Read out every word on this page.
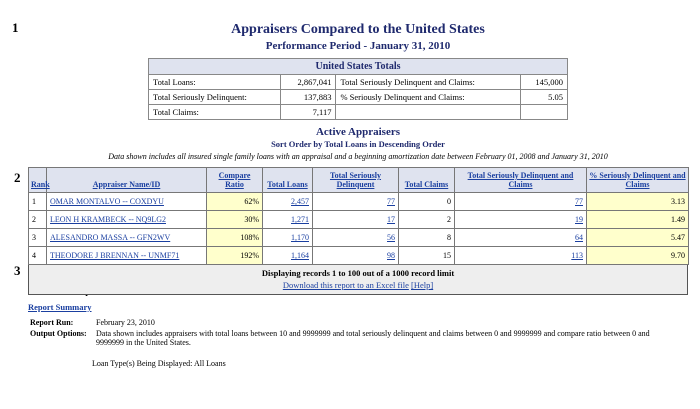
1
2
3
Appraisers Compared to the United States
Performance Period - January 31, 2010
United States Totals			
Total Loans:	2,867,041	Total Seriously Delinquent and Claims:	145,000
Total Seriously Delinquent:	137,883	% Seriously Delinquent and Claims:	5.05
Total Claims:	7,117		
Active Appraisers
Sort Order by Total Loans in Descending Order
Data shown includes all insured single family loans with an appraisal and a beginning amortization date between February 01, 2008 and January 31, 2010
Rank	Appraiser Name/ID	Compare Ratio	Total Loans	Total Seriously Delinquent	Total Claims	Total Seriously Delinquent and Claims	% Seriously Delinquent and Claims
1	OMAR MONTALVO -- COXDYU	62%	2,457	77	0	77	3.13
2	LEON H KRAMBECK -- NQ9LG2	30%	1,271	17	2	19	1.49
3	ALESANDRO MASSA -- GFN2WV	108%	1,170	56	8	64	5.47
4	THEODORE J BRENNAN -- UNMF71	192%	1,164	98	15	113	9.70
Displaying records 1 to 100 out of a 1000 record limit
Download this report to an Excel file [Help]
Report Summary
Report Run:	February 23, 2010
Output Options:	Data shown includes appraisers with total loans between 10 and 9999999 and total seriously delinquent and claims between 0 and 9999999 and compare ratio between 0 and 9999999 in the United States.
Loan Type(s) Being Displayed: All Loans
